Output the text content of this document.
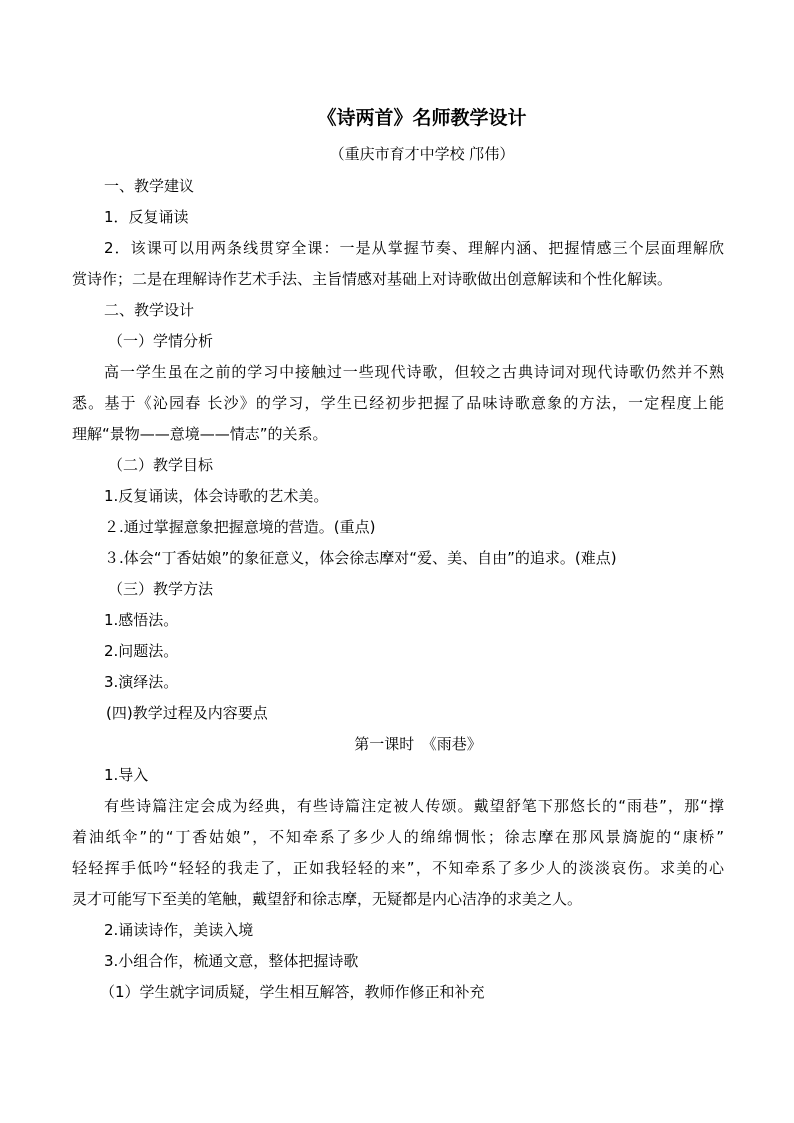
《诗两首》名师教学设计
（重庆市育才中学校 邝伟）
一、教学建议
1．反复诵读
2．该课可以用两条线贯穿全课：一是从掌握节奏、理解内涵、把握情感三个层面理解欣
赏诗作；二是在理解诗作艺术手法、主旨情感对基础上对诗歌做出创意解读和个性化解读。
二、教学设计
（一）学情分析
高一学生虽在之前的学习中接触过一些现代诗歌，但较之古典诗词对现代诗歌仍然并不熟
悉。基于《沁园春 长沙》的学习，学生已经初步把握了品味诗歌意象的方法，一定程度上能
理解“景物——意境——情志”的关系。
（二）教学目标
1.反复诵读，体会诗歌的艺术美。
２.通过掌握意象把握意境的营造。(重点)
３.体会“丁香姑娘”的象征意义，体会徐志摩对“爱、美、自由”的追求。(难点)
（三）教学方法
1.感悟法。
2.问题法。
3.演绎法。
(四)教学过程及内容要点
第一课时　《雨巷》
1.导入
有些诗篇注定会成为经典，有些诗篇注定被人传颂。戴望舒笔下那悠长的“雨巷”，那“撑
着油纸伞”的“丁香姑娘”，不知牵系了多少人的绵绵惆怅；徐志摩在那风景旖旎的“康桥”
轻轻挥手低吟“轻轻的我走了，正如我轻轻的来”，不知牵系了多少人的淡淡哀伤。求美的心
灵才可能写下至美的笔触，戴望舒和徐志摩，无疑都是内心洁净的求美之人。
2.诵读诗作，美读入境
3.小组合作，梳通文意，整体把握诗歌
（1）学生就字词质疑，学生相互解答，教师作修正和补充
